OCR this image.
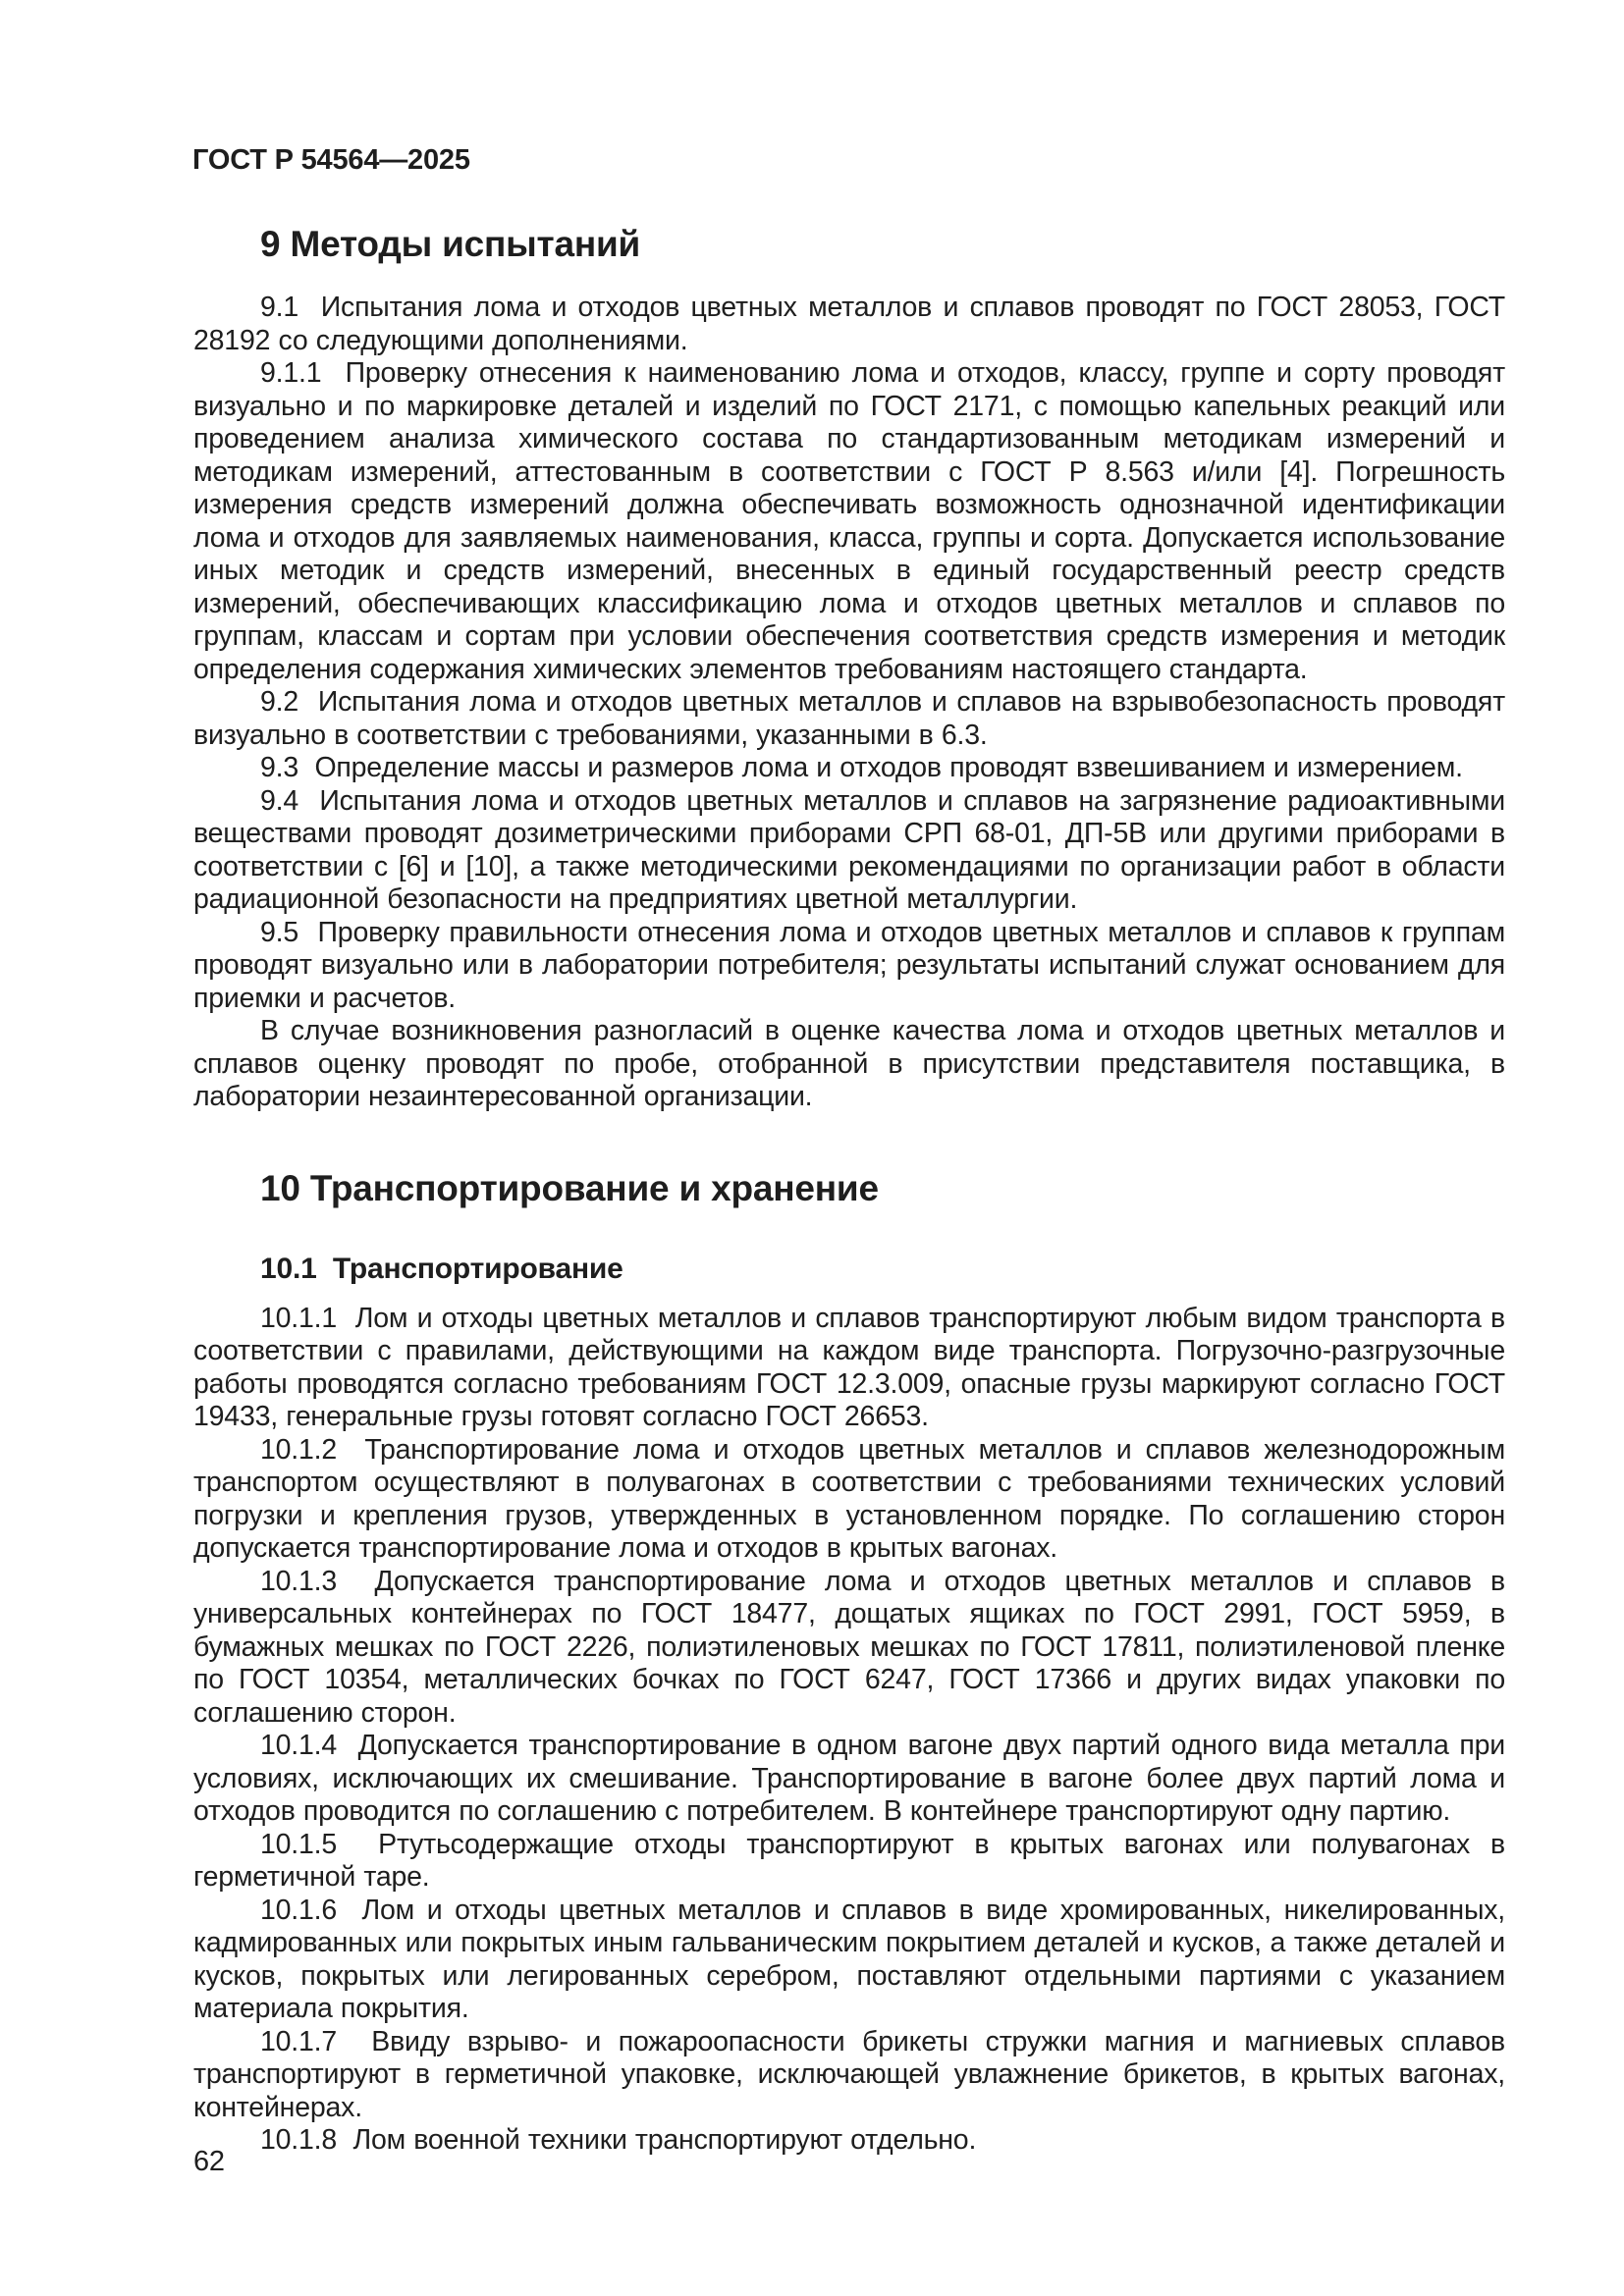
ГОСТ Р 54564—2025
9 Методы испытаний
9.1  Испытания лома и отходов цветных металлов и сплавов проводят по ГОСТ 28053, ГОСТ 28192 со следующими дополнениями.
9.1.1  Проверку отнесения к наименованию лома и отходов, классу, группе и сорту проводят визуально и по маркировке деталей и изделий по ГОСТ 2171, с помощью капельных реакций или проведением анализа химического состава по стандартизованным методикам измерений и методикам измерений, аттестованным в соответствии с ГОСТ Р 8.563 и/или [4]. Погрешность измерения средств измерений должна обеспечивать возможность однозначной идентификации лома и отходов для заявляемых наименования, класса, группы и сорта. Допускается использование иных методик и средств измерений, внесенных в единый государственный реестр средств измерений, обеспечивающих классификацию лома и отходов цветных металлов и сплавов по группам, классам и сортам при условии обеспечения соответствия средств измерения и методик определения содержания химических элементов требованиям настоящего стандарта.
9.2  Испытания лома и отходов цветных металлов и сплавов на взрывобезопасность проводят визуально в соответствии с требованиями, указанными в 6.3.
9.3  Определение массы и размеров лома и отходов проводят взвешиванием и измерением.
9.4  Испытания лома и отходов цветных металлов и сплавов на загрязнение радиоактивными веществами проводят дозиметрическими приборами СРП 68-01, ДП-5В или другими приборами в соответствии с [6] и [10], а также методическими рекомендациями по организации работ в области радиационной безопасности на предприятиях цветной металлургии.
9.5  Проверку правильности отнесения лома и отходов цветных металлов и сплавов к группам проводят визуально или в лаборатории потребителя; результаты испытаний служат основанием для приемки и расчетов.
В случае возникновения разногласий в оценке качества лома и отходов цветных металлов и сплавов оценку проводят по пробе, отобранной в присутствии представителя поставщика, в лаборатории незаинтересованной организации.
10 Транспортирование и хранение
10.1  Транспортирование
10.1.1  Лом и отходы цветных металлов и сплавов транспортируют любым видом транспорта в соответствии с правилами, действующими на каждом виде транспорта. Погрузочно-разгрузочные работы проводятся согласно требованиям ГОСТ 12.3.009, опасные грузы маркируют согласно ГОСТ 19433, генеральные грузы готовят согласно ГОСТ 26653.
10.1.2  Транспортирование лома и отходов цветных металлов и сплавов железнодорожным транспортом осуществляют в полувагонах в соответствии с требованиями технических условий погрузки и крепления грузов, утвержденных в установленном порядке. По соглашению сторон допускается транспортирование лома и отходов в крытых вагонах.
10.1.3  Допускается транспортирование лома и отходов цветных металлов и сплавов в универсальных контейнерах по ГОСТ 18477, дощатых ящиках по ГОСТ 2991, ГОСТ 5959, в бумажных мешках по ГОСТ 2226, полиэтиленовых мешках по ГОСТ 17811, полиэтиленовой пленке по ГОСТ 10354, металлических бочках по ГОСТ 6247, ГОСТ 17366 и других видах упаковки по соглашению сторон.
10.1.4  Допускается транспортирование в одном вагоне двух партий одного вида металла при условиях, исключающих их смешивание. Транспортирование в вагоне более двух партий лома и отходов проводится по соглашению с потребителем. В контейнере транспортируют одну партию.
10.1.5  Ртутьсодержащие отходы транспортируют в крытых вагонах или полувагонах в герметичной таре.
10.1.6  Лом и отходы цветных металлов и сплавов в виде хромированных, никелированных, кадмированных или покрытых иным гальваническим покрытием деталей и кусков, а также деталей и кусков, покрытых или легированных серебром, поставляют отдельными партиями с указанием материала покрытия.
10.1.7  Ввиду взрыво- и пожароопасности брикеты стружки магния и магниевых сплавов транспортируют в герметичной упаковке, исключающей увлажнение брикетов, в крытых вагонах, контейнерах.
10.1.8  Лом военной техники транспортируют отдельно.
62
